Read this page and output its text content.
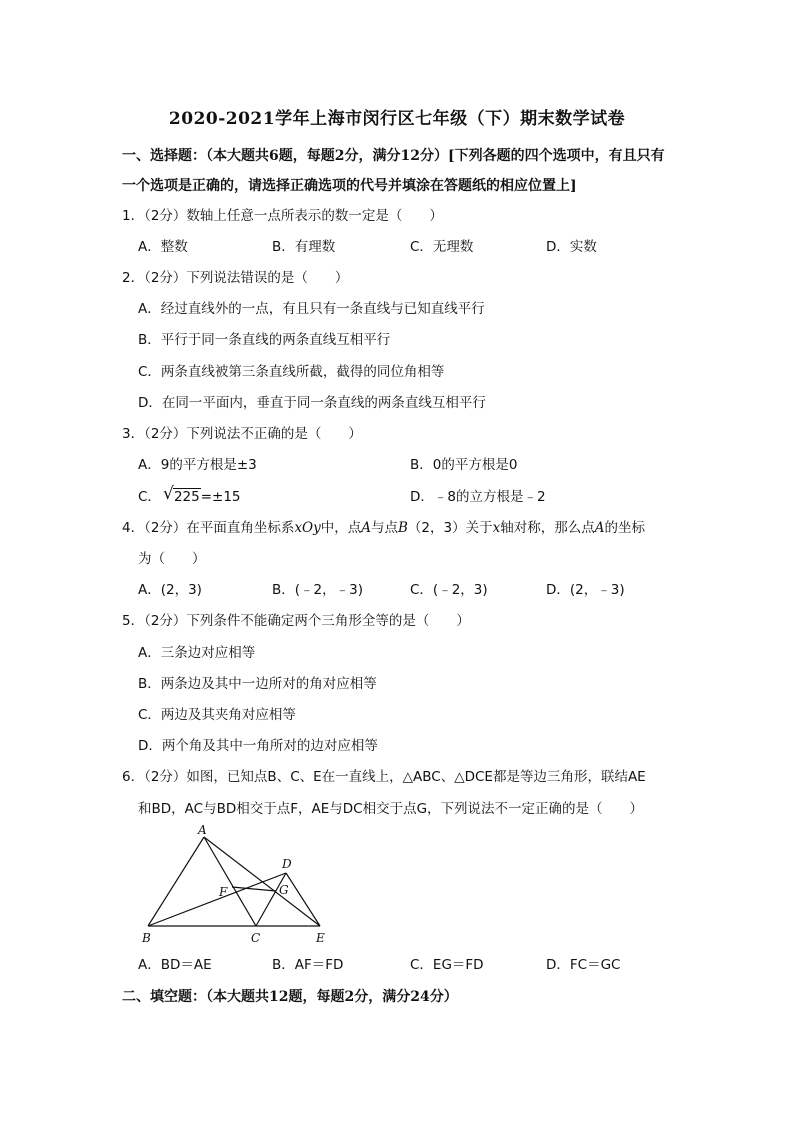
2020-2021学年上海市闵行区七年级（下）期末数学试卷
一、选择题：（本大题共6题，每题2分，满分12分）[下列各题的四个选项中，有且只有
一个选项是正确的，请选择正确选项的代号并填涂在答题纸的相应位置上]
1．（2分）数轴上任意一点所表示的数一定是（　　）
A．整数	B．有理数	C．无理数	D．实数
2．（2分）下列说法错误的是（　　）
A．经过直线外的一点，有且只有一条直线与已知直线平行
B．平行于同一条直线的两条直线互相平行
C．两条直线被第三条直线所截，截得的同位角相等
D．在同一平面内，垂直于同一条直线的两条直线互相平行
3．（2分）下列说法不正确的是（　　）
A．9的平方根是±3	B．0的平方根是0
C． √ 225=±15	D．﹣8的立方根是﹣2
4．（2分）在平面直角坐标系xOy中，点A与点B（2，3）关于x轴对称，那么点A的坐标
为（　　）
A．(2，3)	B．(﹣2，﹣3)	C．(﹣2，3)	D．(2，﹣3)
5．（2分）下列条件不能确定两个三角形全等的是（　　）
A．三条边对应相等
B．两条边及其中一边所对的角对应相等
C．两边及其夹角对应相等
D．两个角及其中一角所对的边对应相等
6．（2分）如图，已知点B、C、E在一直线上，△ABC、△DCE都是等边三角形，联结AE
和BD，AC与BD相交于点F，AE与DC相交于点G，下列说法不一定正确的是（　　）
A
B	C
D
E
F	G
A．BD＝AE	B．AF＝FD	C．EG＝FD	D．FC＝GC
二、填空题：（本大题共12题，每题2分，满分24分）
